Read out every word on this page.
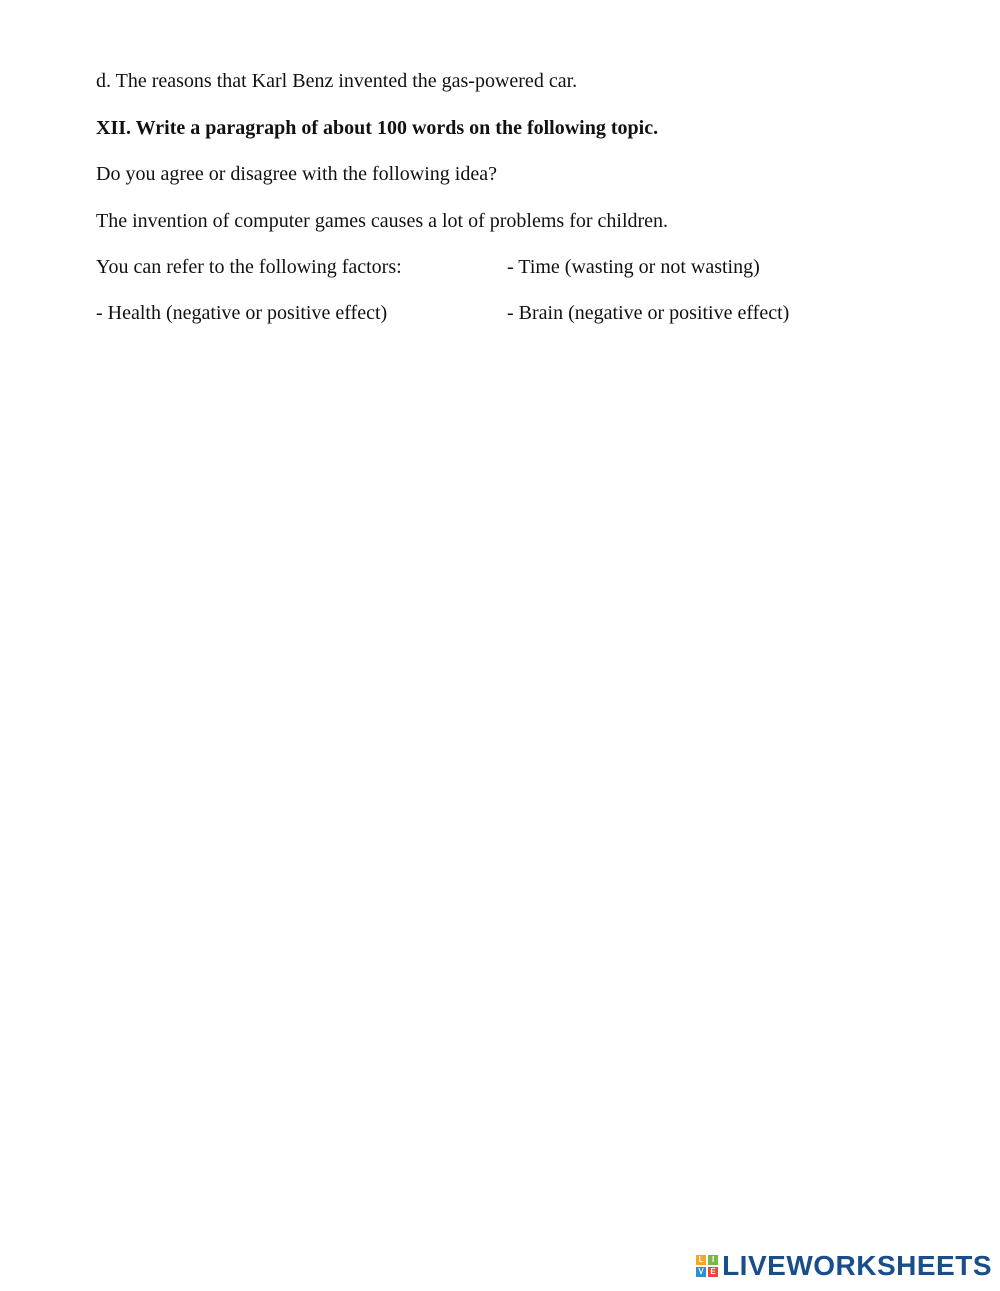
d. The reasons that Karl Benz invented the gas-powered car.
XII. Write a paragraph of about 100 words on the following topic.
Do you agree or disagree with the following idea?
The invention of computer games causes a lot of problems for children.
You can refer to the following factors:	- Time (wasting or not wasting)
- Health (negative or positive effect)	- Brain (negative or positive effect)
L	I
V E LIVEWORKSHEETS
